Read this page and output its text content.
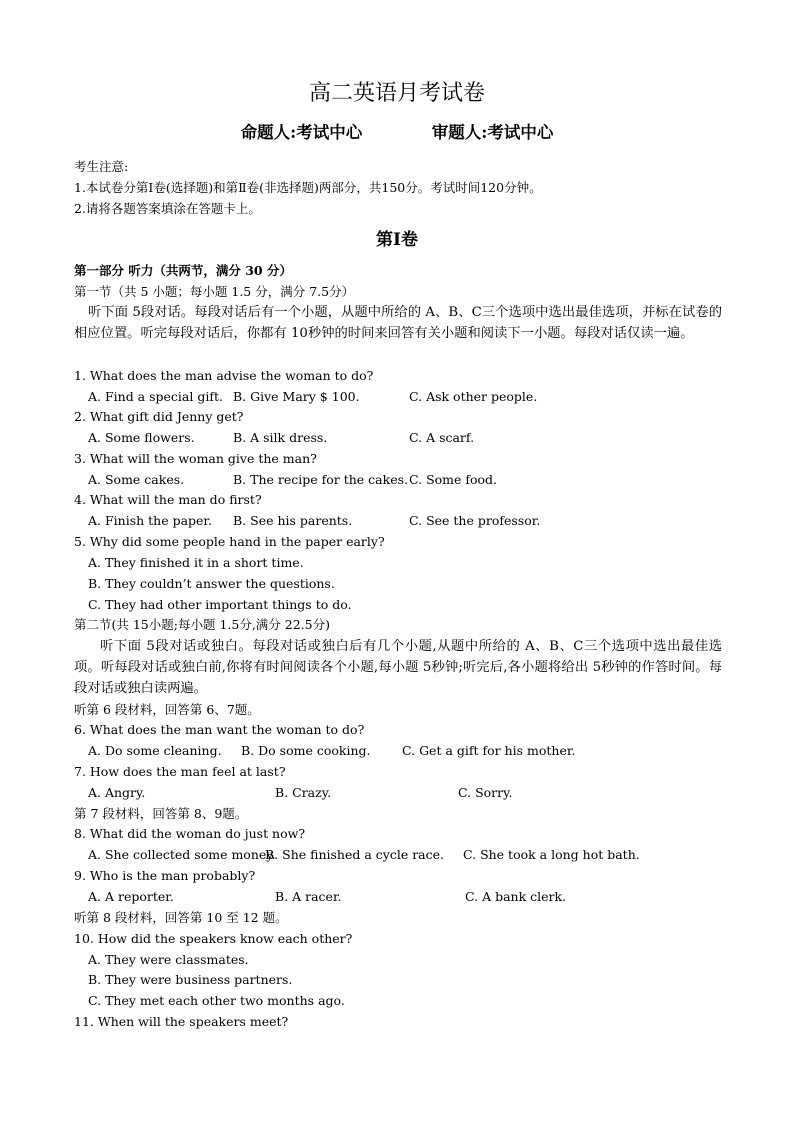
高二英语月考试卷
命题人:考试中心	审题人:考试中心
考生注意:
1.本试卷分第Ⅰ卷(选择题)和第Ⅱ卷(非选择题)两部分，共150分。考试时间120分钟。
2.请将各题答案填涂在答题卡上。
第Ⅰ卷
第一部分 听力（共两节，满分 30 分）
第一节（共 5 小题；每小题 1.5 分，满分 7.5分）
听下面 5段对话。每段对话后有一个小题，从题中所给的 A、B、C三个选项中选出最佳选项，并标在试卷的相应位置。听完每段对话后，你都有 10秒钟的时间来回答有关小题和阅读下一小题。每段对话仅读一遍。
1. What does the man advise the woman to do?
A. Find a special gift. B. Give Mary $ 100.	C. Ask other people.
2. What gift did Jenny get?
A. Some flowers.	B. A silk dress.	C. A scarf.
3. What will the woman give the man?
A. Some cakes.	B. The recipe for the cakes. C. Some food.
4. What will the man do first?
A. Finish the paper. B. See his parents.	C. See the professor.
5. Why did some people hand in the paper early?
A. They finished it in a short time.
B. They couldn’t answer the questions.
C. They had other important things to do.
第二节(共 15小题;每小题 1.5分,满分 22.5分)
听下面 5段对话或独白。每段对话或独白后有几个小题,从题中所给的 A、B、C三个选项中选出最佳选项。听每段对话或独白前,你将有时间阅读各个小题,每小题 5秒钟;听完后,各小题将给出 5秒钟的作答时间。每段对话或独白读两遍。
听第 6 段材料，回答第 6、7题。
6. What does the man want the woman to do?
A. Do some cleaning. B. Do some cooking.	C. Get a gift for his mother.
7. How does the man feel at last?
A. Angry.	B. Crazy.	C. Sorry.
第 7 段材料，回答第 8、9题。
8. What did the woman do just now?
A. She collected some money.
B. She finished a cycle race. C. She took a long hot bath.
9. Who is the man probably?
A. A reporter.	B. A racer.	C. A bank clerk.
听第 8 段材料，回答第 10 至 12 题。
10. How did the speakers know each other?
A. They were classmates.
B. They were business partners.
C. They met each other two months ago.
11. When will the speakers meet?
